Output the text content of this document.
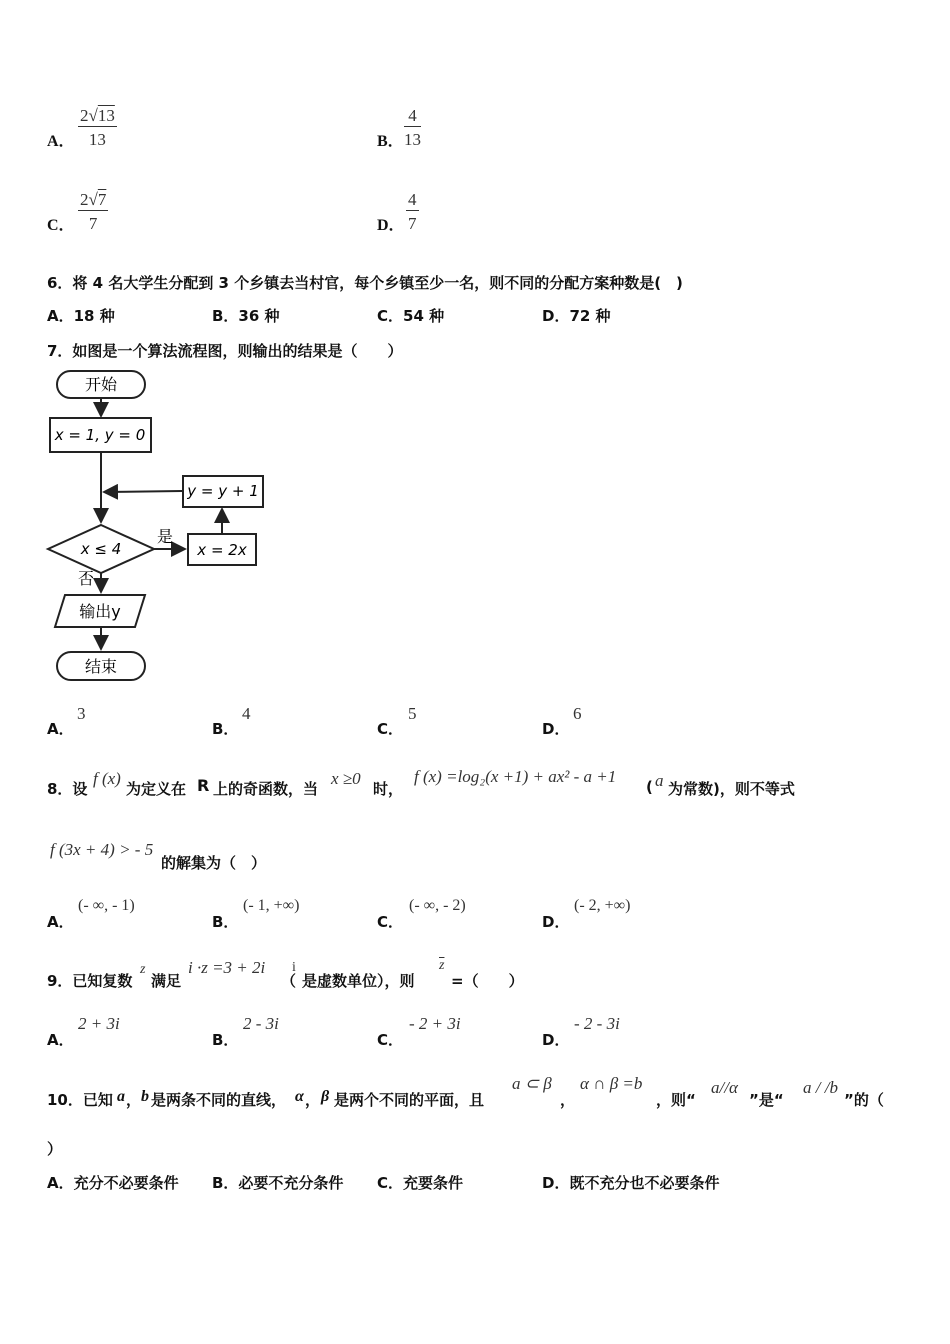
A． $\frac{2√13}{13}$	B． $\frac{4}{13}$
C． $\frac{2√7}{7}$	D． $\frac{4}{7}$
6．将 4 名大学生分配到 3 个乡镇去当村官，每个乡镇至少一名，则不同的分配方案种数是(　)
A．18 种	B．36 种	C．54 种	D．72 种
7．如图是一个算法流程图，则输出的结果是（　　）
开始
x = 1, y = 0
y = y + 1
x ≤ 4
是
x = 2x
否
输出y
结束
A．
3
B．
4
C．
5
D．
6
8．设
f (x)
为定义在 R 上的奇函数，当
x ≥0
时，
f (x) =log₂(x +1) + ax² - a +1
( a 为常数)，则不等式
f (3x + 4) > - 5
的解集为（　）
A．
(- ∞, - 1)
B．
(- 1, +∞)
C．
(- ∞, - 2)
D．
(- 2, +∞)
9．已知复数
z
满足
i ·z =3 + 2i
（
i
是虚数单位），则
$\overline{z}$
=（　　）
A．
2 + 3i
B．
2 - 3i
C．
- 2 + 3i
D．
- 2 - 3i
10．已知 a ， b 是两条不同的直线， α ， β 是两个不同的平面，且
a ⊂ β
，
α ∩ β =b
，则“
a//α
”是“
a / /b
”的（
）
A．充分不必要条件 B．必要不充分条件 C．充要条件	D．既不充分也不必要条件
